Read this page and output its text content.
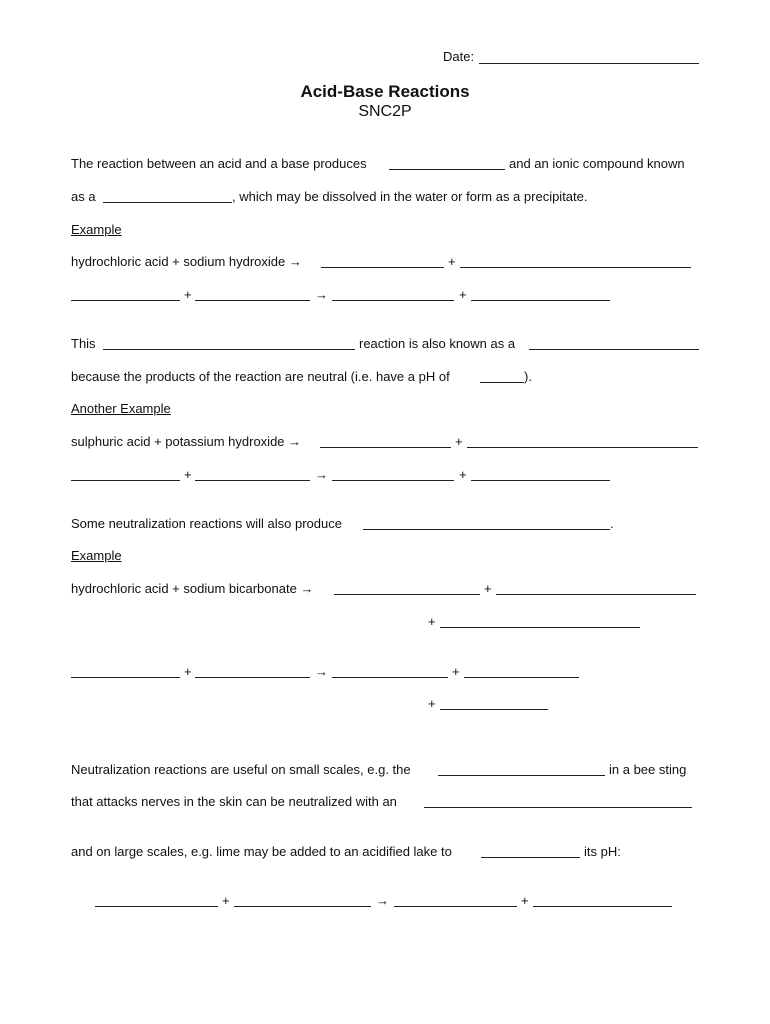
Date:
Acid-Base Reactions
SNC2P
The reaction between an acid and a base produces	and an ionic compound known
as a	, which may be dissolved in the water or form as a precipitate.
Example
hydrochloric acid + sodium hydroxide →	+
+	→	+
This	reaction is also known as a
because the products of the reaction are neutral (i.e. have a pH of	).
Another Example
sulphuric acid + potassium hydroxide →	+
+	→	+
Some neutralization reactions will also produce	.
Example
hydrochloric acid + sodium bicarbonate →	+
+
+	→	+
+
Neutralization reactions are useful on small scales, e.g. the	in a bee sting
that attacks nerves in the skin can be neutralized with an
and on large scales, e.g. lime may be added to an acidified lake to	its pH:
+	→	+
